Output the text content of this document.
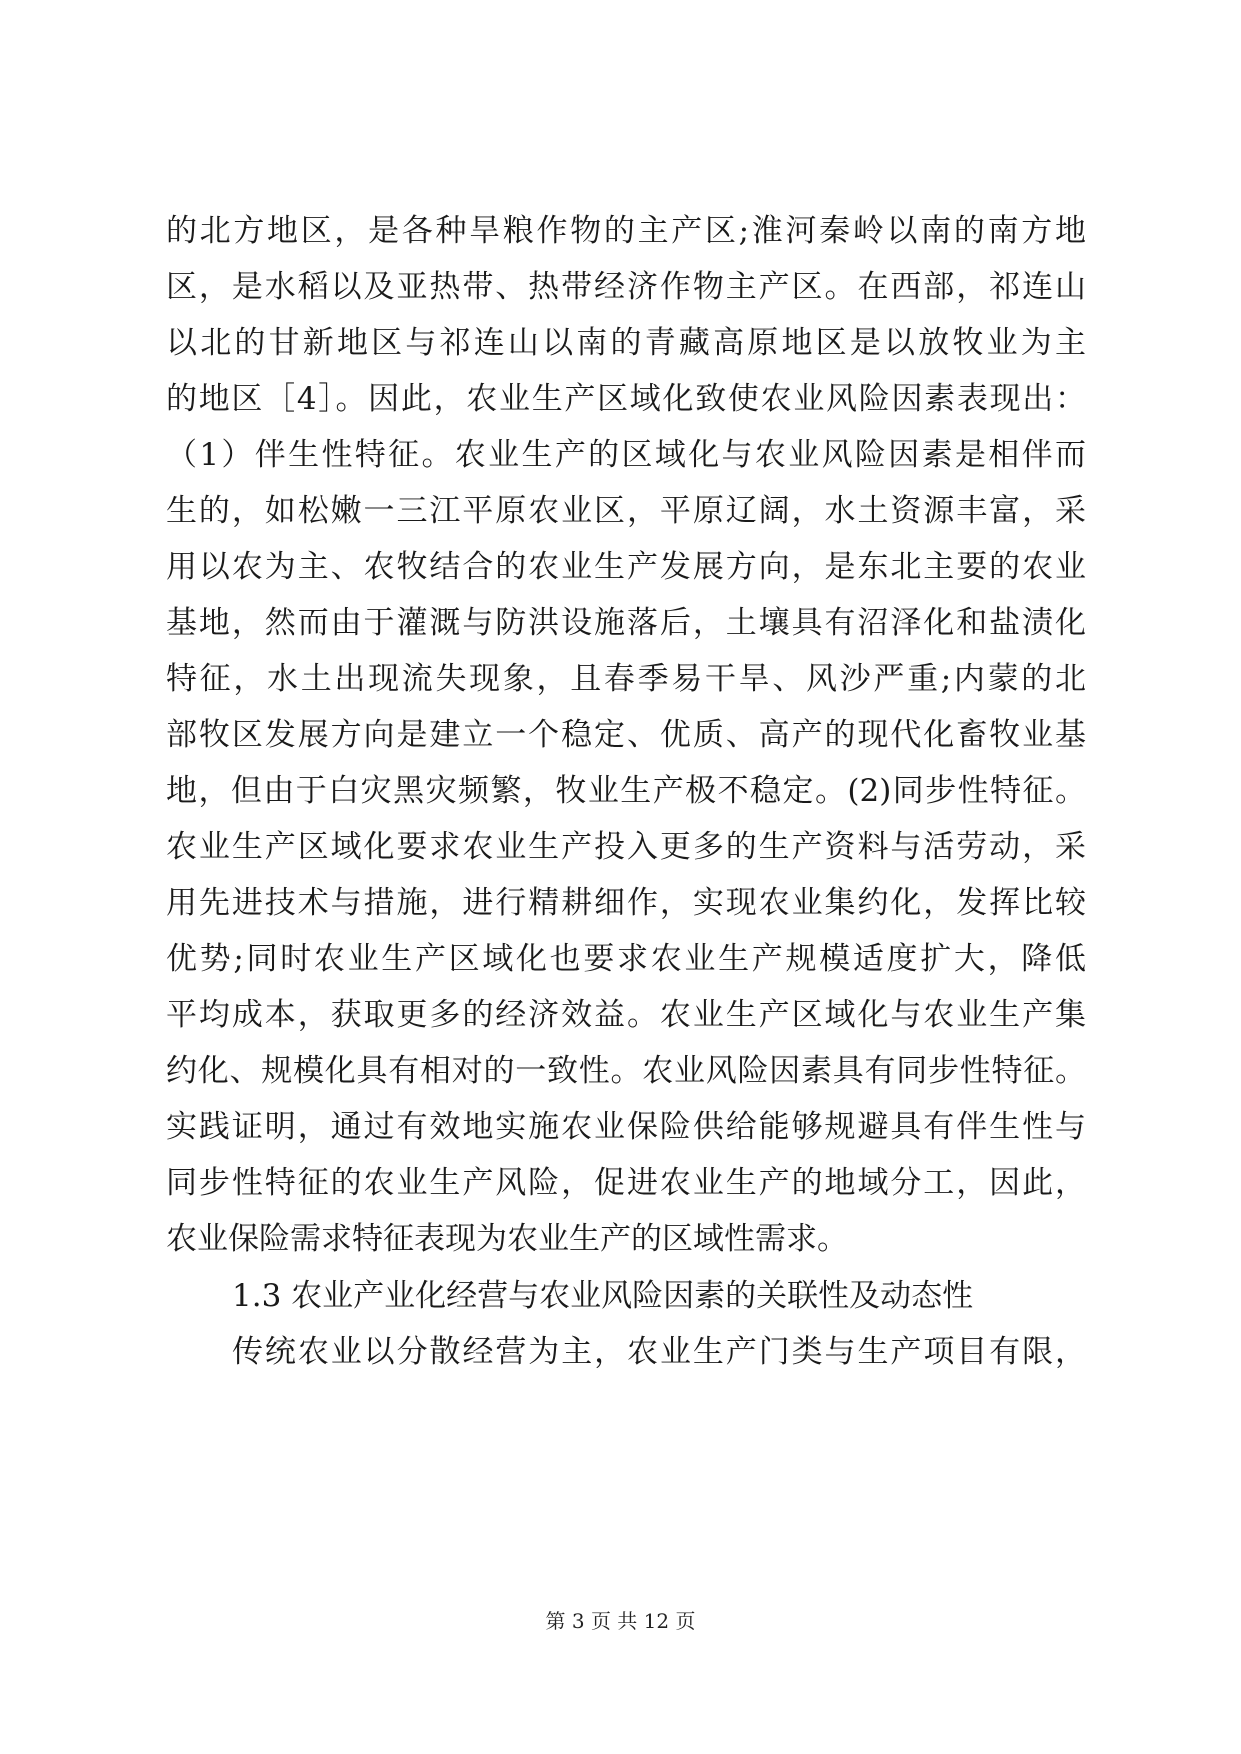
的北方地区，是各种旱粮作物的主产区;淮河秦岭以南的南方地
区，是水稻以及亚热带、热带经济作物主产区。在西部，祁连山
以北的甘新地区与祁连山以南的青藏高原地区是以放牧业为主
的地区［4］。因此，农业生产区域化致使农业风险因素表现出：
（1）伴生性特征。农业生产的区域化与农业风险因素是相伴而
生的，如松嫩一三江平原农业区，平原辽阔，水土资源丰富，采
用以农为主、农牧结合的农业生产发展方向，是东北主要的农业
基地，然而由于灌溉与防洪设施落后，土壤具有沼泽化和盐渍化
特征，水土出现流失现象，且春季易干旱、风沙严重;内蒙的北
部牧区发展方向是建立一个稳定、优质、高产的现代化畜牧业基
地，但由于白灾黑灾频繁，牧业生产极不稳定。(2)同步性特征。
农业生产区域化要求农业生产投入更多的生产资料与活劳动，采
用先进技术与措施，进行精耕细作，实现农业集约化，发挥比较
优势;同时农业生产区域化也要求农业生产规模适度扩大，降低
平均成本，获取更多的经济效益。农业生产区域化与农业生产集
约化、规模化具有相对的一致性。农业风险因素具有同步性特征。
实践证明，通过有效地实施农业保险供给能够规避具有伴生性与
同步性特征的农业生产风险，促进农业生产的地域分工，因此，
农业保险需求特征表现为农业生产的区域性需求。
1.3 农业产业化经营与农业风险因素的关联性及动态性
传统农业以分散经营为主，农业生产门类与生产项目有限，
第 3 页 共 12 页
